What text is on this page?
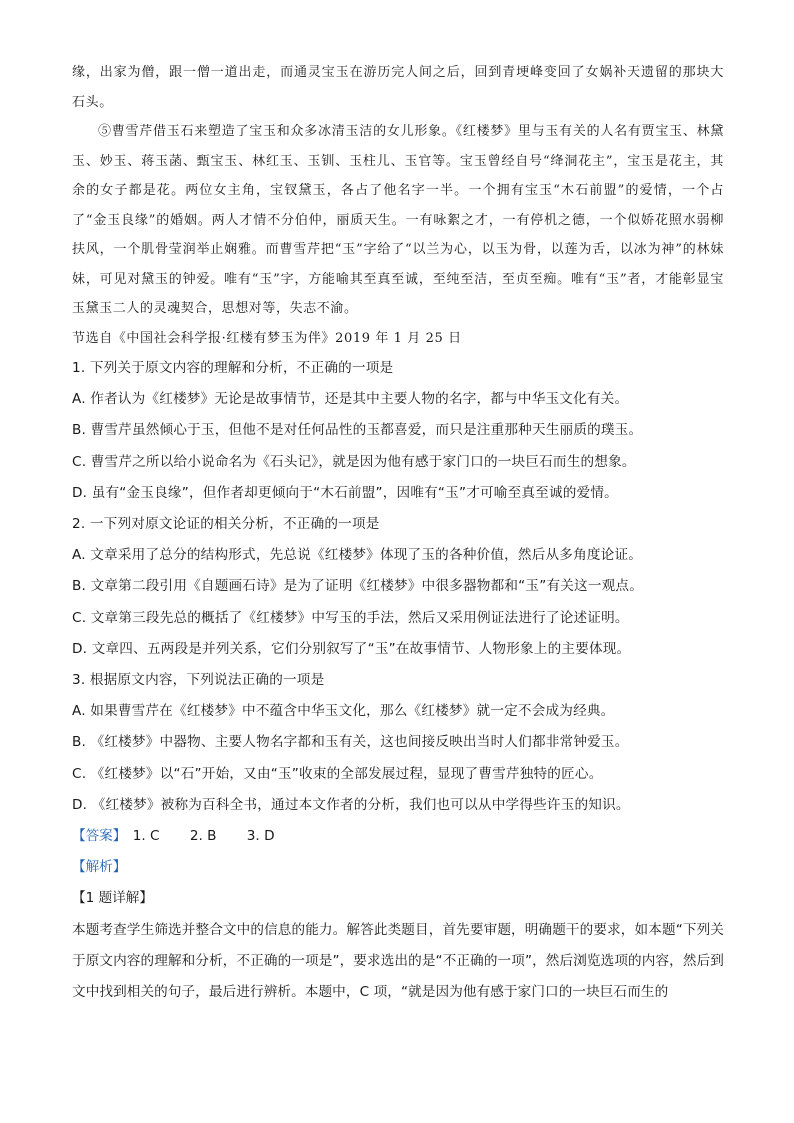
缘，出家为僧，跟一僧一道出走，而通灵宝玉在游历完人间之后，回到青埂峰变回了女娲补天遗留的那块大石头。

⑤曹雪芹借玉石来塑造了宝玉和众多冰清玉洁的女儿形象。《红楼梦》里与玉有关的人名有贾宝玉、林黛玉、妙玉、蒋玉菡、甄宝玉、林红玉、玉钏、玉柱儿、玉官等。宝玉曾经自号“绛洞花主”，宝玉是花主，其余的女子都是花。两位女主角，宝钗黛玉，各占了他名字一半。一个拥有宝玉“木石前盟”的爱情，一个占了“金玉良缘”的婚姻。两人才情不分伯仲，丽质天生。一有咏絮之才，一有停机之德，一个似娇花照水弱柳扶风，一个肌骨莹润举止娴雅。而曹雪芹把“玉”字给了“以兰为心，以玉为骨，以莲为舌，以冰为神”的林妹妹，可见对黛玉的钟爱。唯有“玉”字，方能喻其至真至诚，至纯至洁，至贞至痴。唯有“玉”者，才能彰显宝玉黛玉二人的灵魂契合，思想对等，失志不渝。

节选自《中国社会科学报·红楼有梦玉为伴》2019 年 1 月 25 日

1. 下列关于原文内容的理解和分析，不正确的一项是

A. 作者认为《红楼梦》无论是故事情节，还是其中主要人物的名字，都与中华玉文化有关。

B. 曹雪芹虽然倾心于玉，但他不是对任何品性的玉都喜爱，而只是注重那种天生丽质的璞玉。

C. 曹雪芹之所以给小说命名为《石头记》，就是因为他有感于家门口的一块巨石而生的想象。

D. 虽有“金玉良缘”，但作者却更倾向于“木石前盟”，因唯有“玉”才可喻至真至诚的爱情。

2. 一下列对原文论证的相关分析，不正确的一项是

A. 文章采用了总分的结构形式，先总说《红楼梦》体现了玉的各种价值，然后从多角度论证。

B. 文章第二段引用《自题画石诗》是为了证明《红楼梦》中很多器物都和“玉”有关这一观点。

C. 文章第三段先总的概括了《红楼梦》中写玉的手法，然后又采用例证法进行了论述证明。

D. 文章四、五两段是并列关系，它们分别叙写了“玉”在故事情节、人物形象上的主要体现。

3. 根据原文内容，下列说法正确的一项是

A. 如果曹雪芹在《红楼梦》中不蕴含中华玉文化，那么《红楼梦》就一定不会成为经典。

B. 《红楼梦》中器物、主要人物名字都和玉有关，这也间接反映出当时人们都非常钟爱玉。

C. 《红楼梦》以“石”开始，又由“玉”收束的全部发展过程，显现了曹雪芹独特的匠心。

D. 《红楼梦》被称为百科全书，通过本文作者的分析，我们也可以从中学得些许玉的知识。

【答案】 1. C 2. B 3. D

【解析】

【1 题详解】

本题考查学生筛选并整合文中的信息的能力。解答此类题目，首先要审题，明确题干的要求，如本题“下列关于原文内容的理解和分析，不正确的一项是”，要求选出的是“不正确的一项”，然后浏览选项的内容，然后到文中找到相关的句子，最后进行辨析。本题中，C 项，“就是因为他有感于家门口的一块巨石而生的
